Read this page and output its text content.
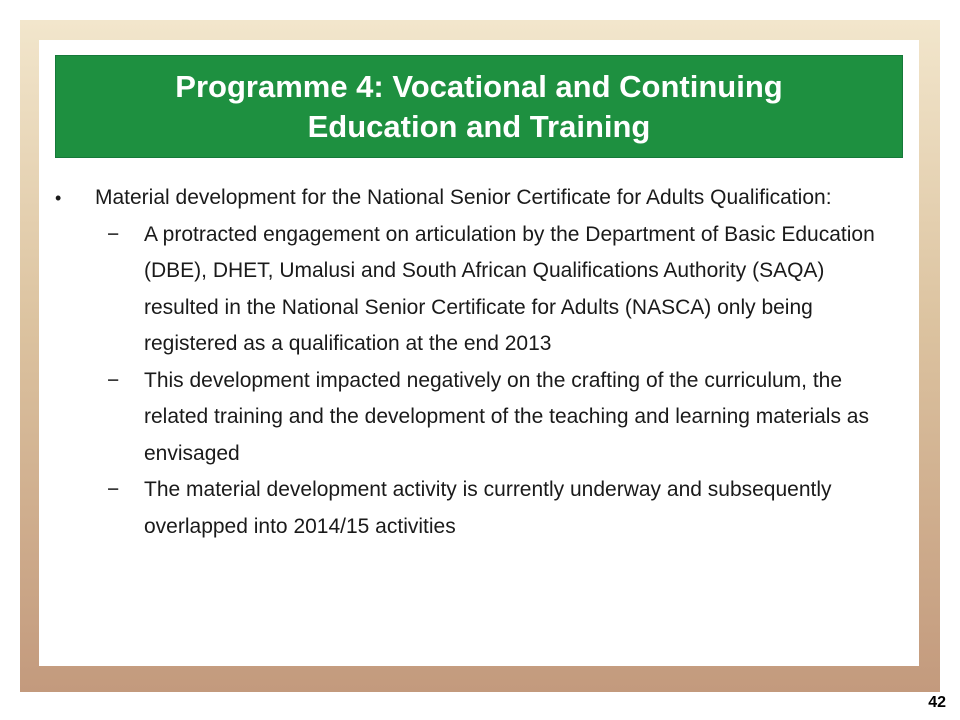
Programme 4: Vocational and Continuing Education and Training
•	Material development for the National Senior Certificate for Adults Qualification:
−	A protracted engagement on articulation by the Department of Basic Education (DBE), DHET, Umalusi and South African Qualifications Authority (SAQA) resulted in the National Senior Certificate for Adults (NASCA) only being registered as a qualification at the end 2013
−	This development impacted negatively on the crafting of the curriculum, the related training and the development of the teaching and learning materials as envisaged
−	The material development activity is currently underway and subsequently overlapped into 2014/15 activities
42
